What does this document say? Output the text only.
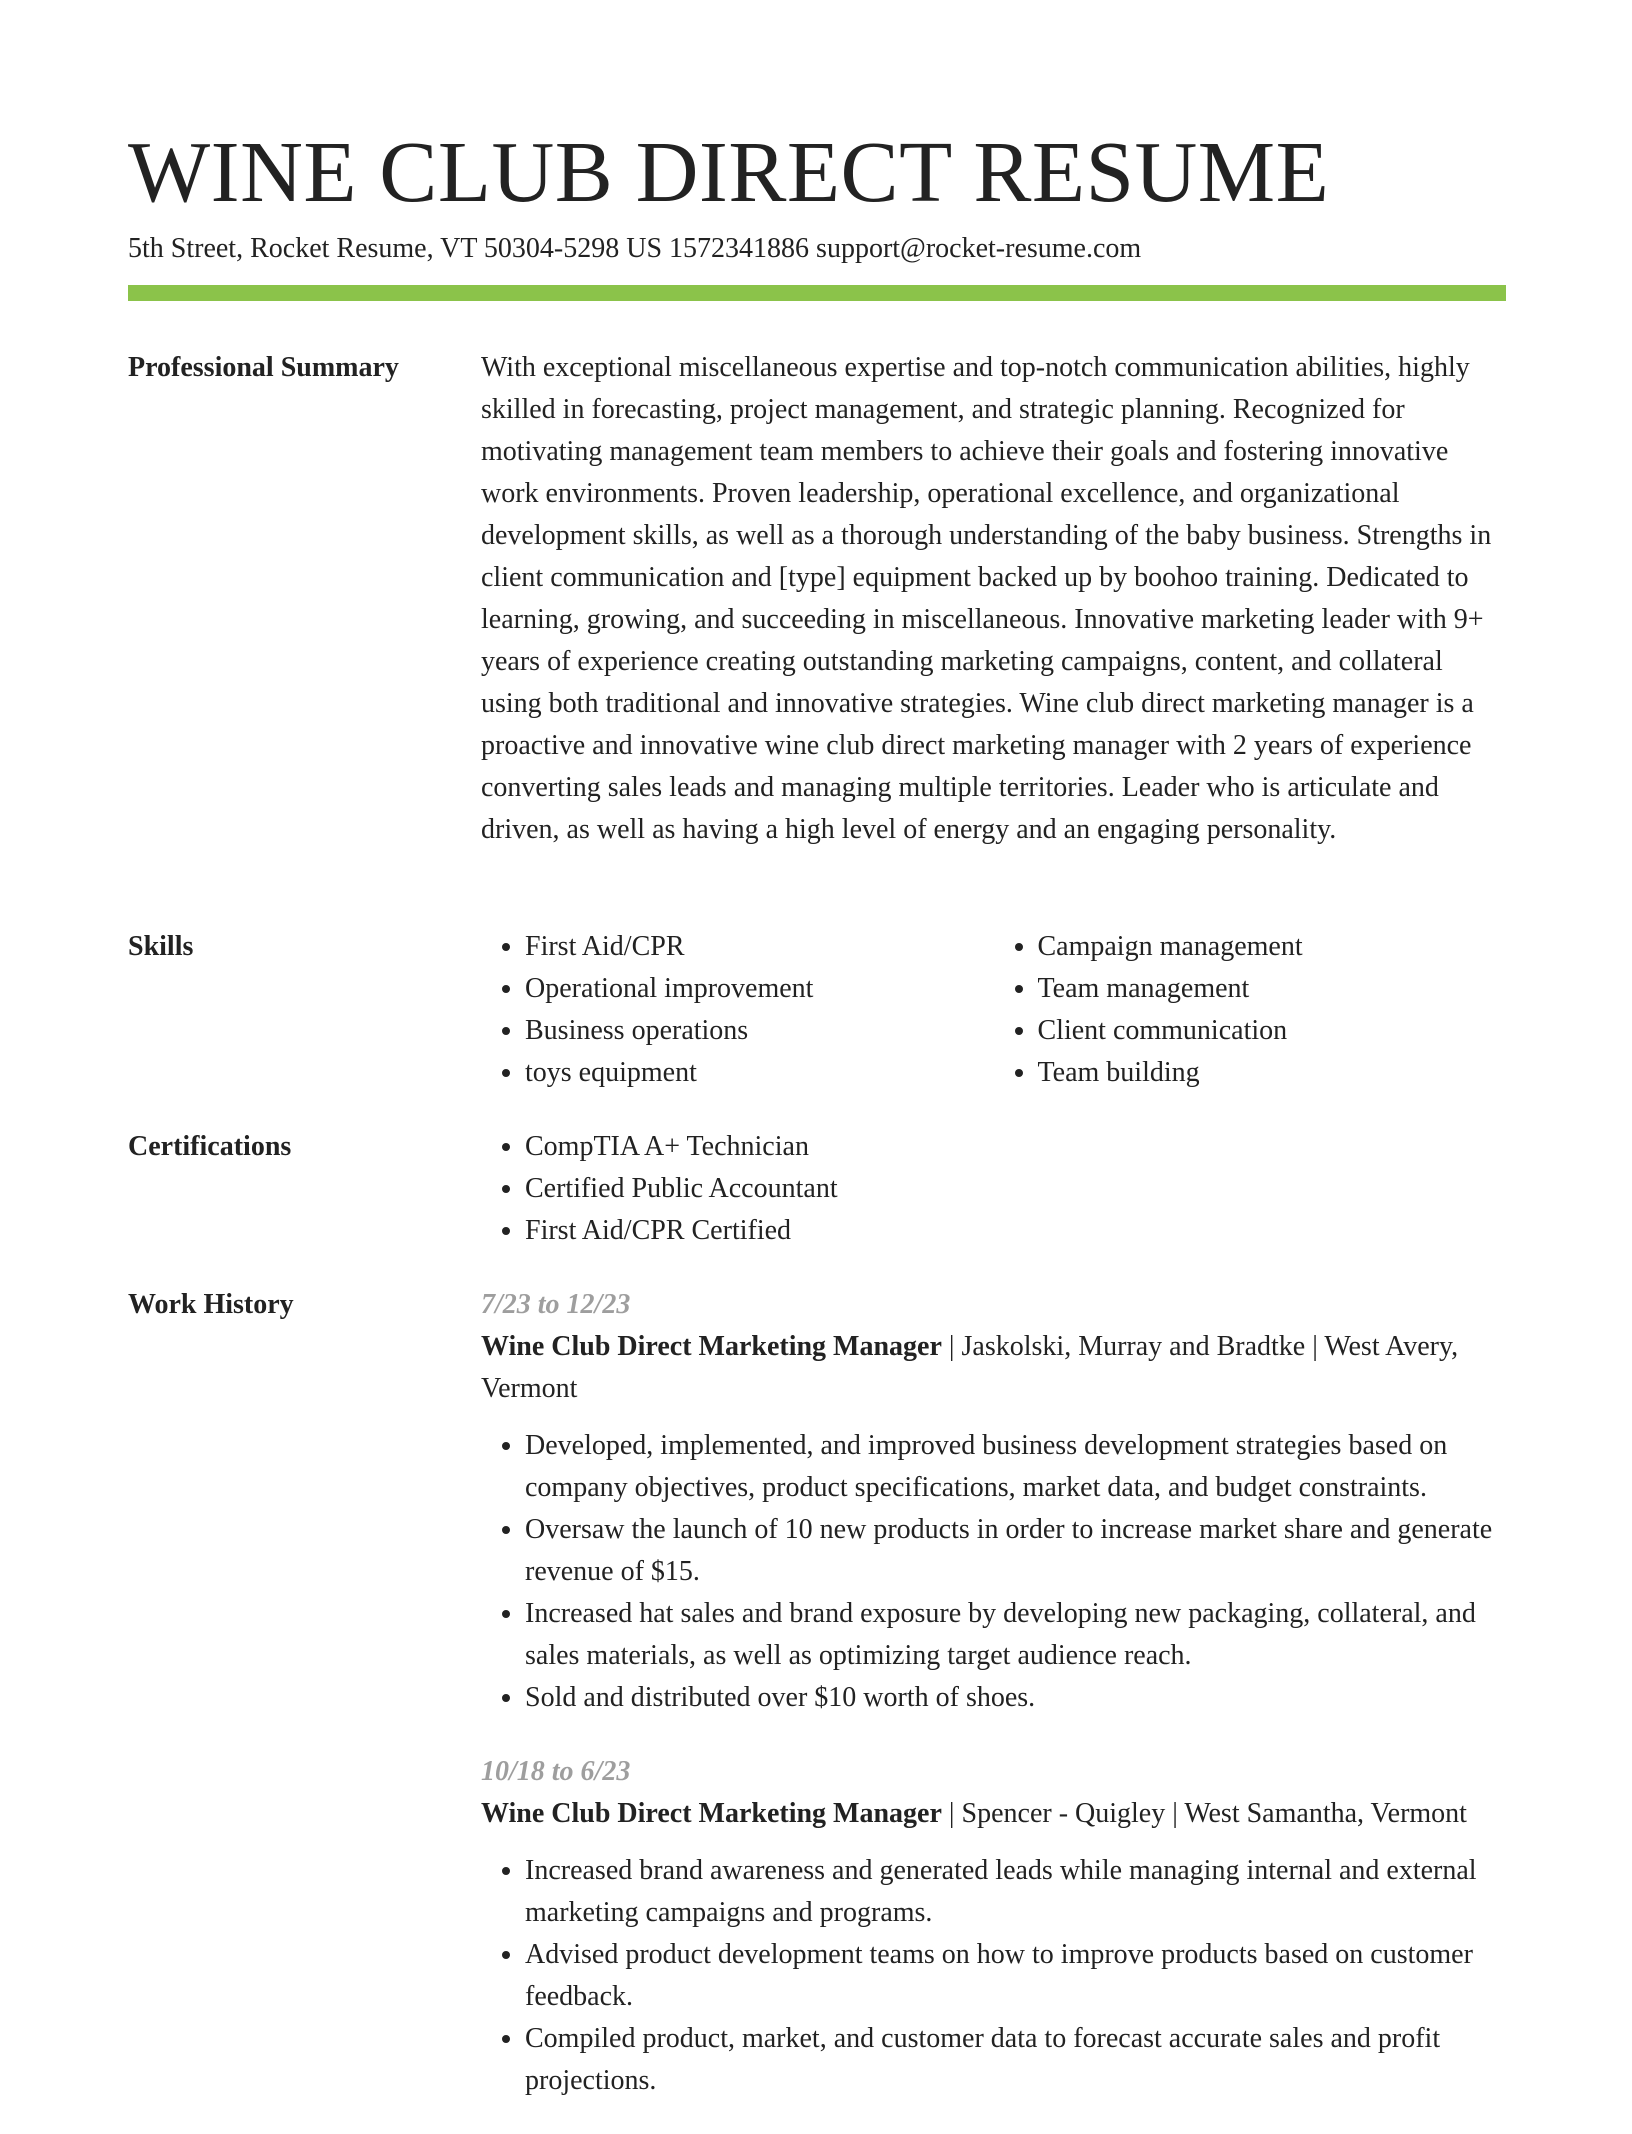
WINE CLUB DIRECT RESUME
5th Street, Rocket Resume, VT 50304-5298 US 1572341886 support@rocket-resume.com
Professional Summary	With exceptional miscellaneous expertise and top-notch communication abilities, highly skilled in forecasting, project management, and strategic planning. Recognized for motivating management team members to achieve their goals and fostering innovative work environments. Proven leadership, operational excellence, and organizational development skills, as well as a thorough understanding of the baby business. Strengths in client communication and [type] equipment backed up by boohoo training. Dedicated to learning, growing, and succeeding in miscellaneous. Innovative marketing leader with 9+ years of experience creating outstanding marketing campaigns, content, and collateral using both traditional and innovative strategies. Wine club direct marketing manager is a proactive and innovative wine club direct marketing manager with 2 years of experience converting sales leads and managing multiple territories. Leader who is articulate and driven, as well as having a high level of energy and an engaging personality.

Skills	• First Aid/CPR
• Operational improvement
• Business operations
• toys equipment
• Campaign management
• Team management
• Client communication
• Team building
Certifications	• CompTIA A+ Technician
• Certified Public Accountant
• First Aid/CPR Certified
Work History	7/23 to 12/23
Wine Club Direct Marketing Manager | Jaskolski, Murray and Bradtke | West Avery, Vermont
• Developed, implemented, and improved business development strategies based on company objectives, product specifications, market data, and budget constraints.
• Oversaw the launch of 10 new products in order to increase market share and generate revenue of $15.
• Increased hat sales and brand exposure by developing new packaging, collateral, and sales materials, as well as optimizing target audience reach.
• Sold and distributed over $10 worth of shoes.
10/18 to 6/23
Wine Club Direct Marketing Manager | Spencer - Quigley | West Samantha, Vermont
• Increased brand awareness and generated leads while managing internal and external marketing campaigns and programs.
• Advised product development teams on how to improve products based on customer feedback.
• Compiled product, market, and customer data to forecast accurate sales and profit projections.
